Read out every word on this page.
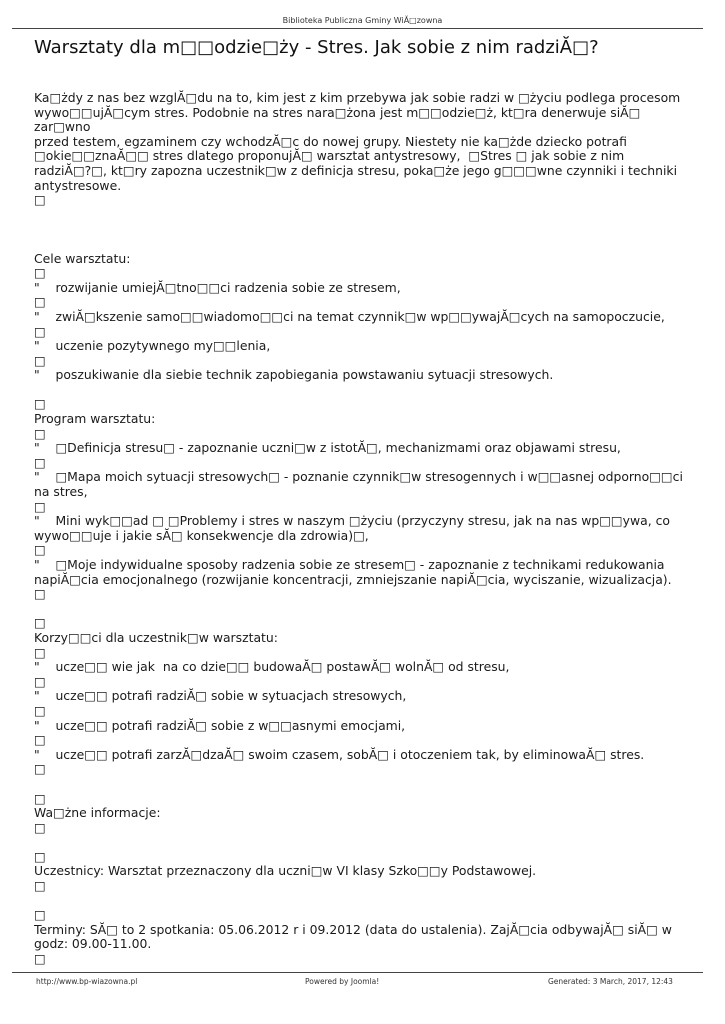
Biblioteka Publiczna Gminy WiĂ□zowna
Warsztaty dla m□□odzie□ży - Stres. Jak sobie z nim radziĂ□?

Ka□żdy z nas bez wzglĂ□du na to, kim jest z kim przebywa jak sobie radzi w □życiu podlega procesom

wywo□□ujĂ□cym stres. Podobnie na stres nara□żona jest m□□odzie□ż, kt□ra denerwuje siĂ□ zar□wno

przed testem, egzaminem czy wchodzĂ□c do nowej grupy. Niestety nie ka□żde dziecko potrafi

□okie□□znaĂ□□ stres dlatego proponujĂ□ warsztat antystresowy,  □Stres □ jak sobie z nim

radziĂ□?□, kt□ry zapozna uczestnik□w z definicja stresu, poka□że jego g□□□wne czynniki i techniki

antystresowe.

□

Cele warsztatu:

□

"    rozwijanie umiejĂ□tno□□ci radzenia sobie ze stresem,

□

"    zwiĂ□kszenie samo□□wiadomo□□ci na temat czynnik□w wp□□ywajĂ□cych na samopoczucie,

□

"    uczenie pozytywnego my□□lenia,

□

"    poszukiwanie dla siebie technik zapobiegania powstawaniu sytuacji stresowych.

□

Program warsztatu:

□

"    □Definicja stresu□ - zapoznanie uczni□w z istotĂ□, mechanizmami oraz objawami stresu,

□

"    □Mapa moich sytuacji stresowych□ - poznanie czynnik□w stresogennych i w□□asnej odporno□□ci

na stres,

□

"    Mini wyk□□ad □ □Problemy i stres w naszym □życiu (przyczyny stresu, jak na nas wp□□ywa, co

wywo□□uje i jakie sĂ□ konsekwencje dla zdrowia)□,

□

"    □Moje indywidualne sposoby radzenia sobie ze stresem□ - zapoznanie z technikami redukowania

napiĂ□cia emocjonalnego (rozwijanie koncentracji, zmniejszanie napiĂ□cia, wyciszanie, wizualizacja).

□

□

Korzy□□ci dla uczestnik□w warsztatu:

□

"    ucze□□ wie jak  na co dzie□□ budowaĂ□ postawĂ□ wolnĂ□ od stresu,

□

"    ucze□□ potrafi radziĂ□ sobie w sytuacjach stresowych,

□

"    ucze□□ potrafi radziĂ□ sobie z w□□asnymi emocjami,

□

"    ucze□□ potrafi zarzĂ□dzaĂ□ swoim czasem, sobĂ□ i otoczeniem tak, by eliminowaĂ□ stres.

□

□

Wa□żne informacje:

□

□

Uczestnicy: Warsztat przeznaczony dla uczni□w VI klasy Szko□□y Podstawowej.

□

□

Terminy: SĂ□ to 2 spotkania: 05.06.2012 r i 09.2012 (data do ustalenia). ZajĂ□cia odbywajĂ□ siĂ□ w

godz: 09.00-11.00.

□

http://www.bp-wiazowna.pl	Powered by Joomla!	Generated: 3 March, 2017, 12:43
